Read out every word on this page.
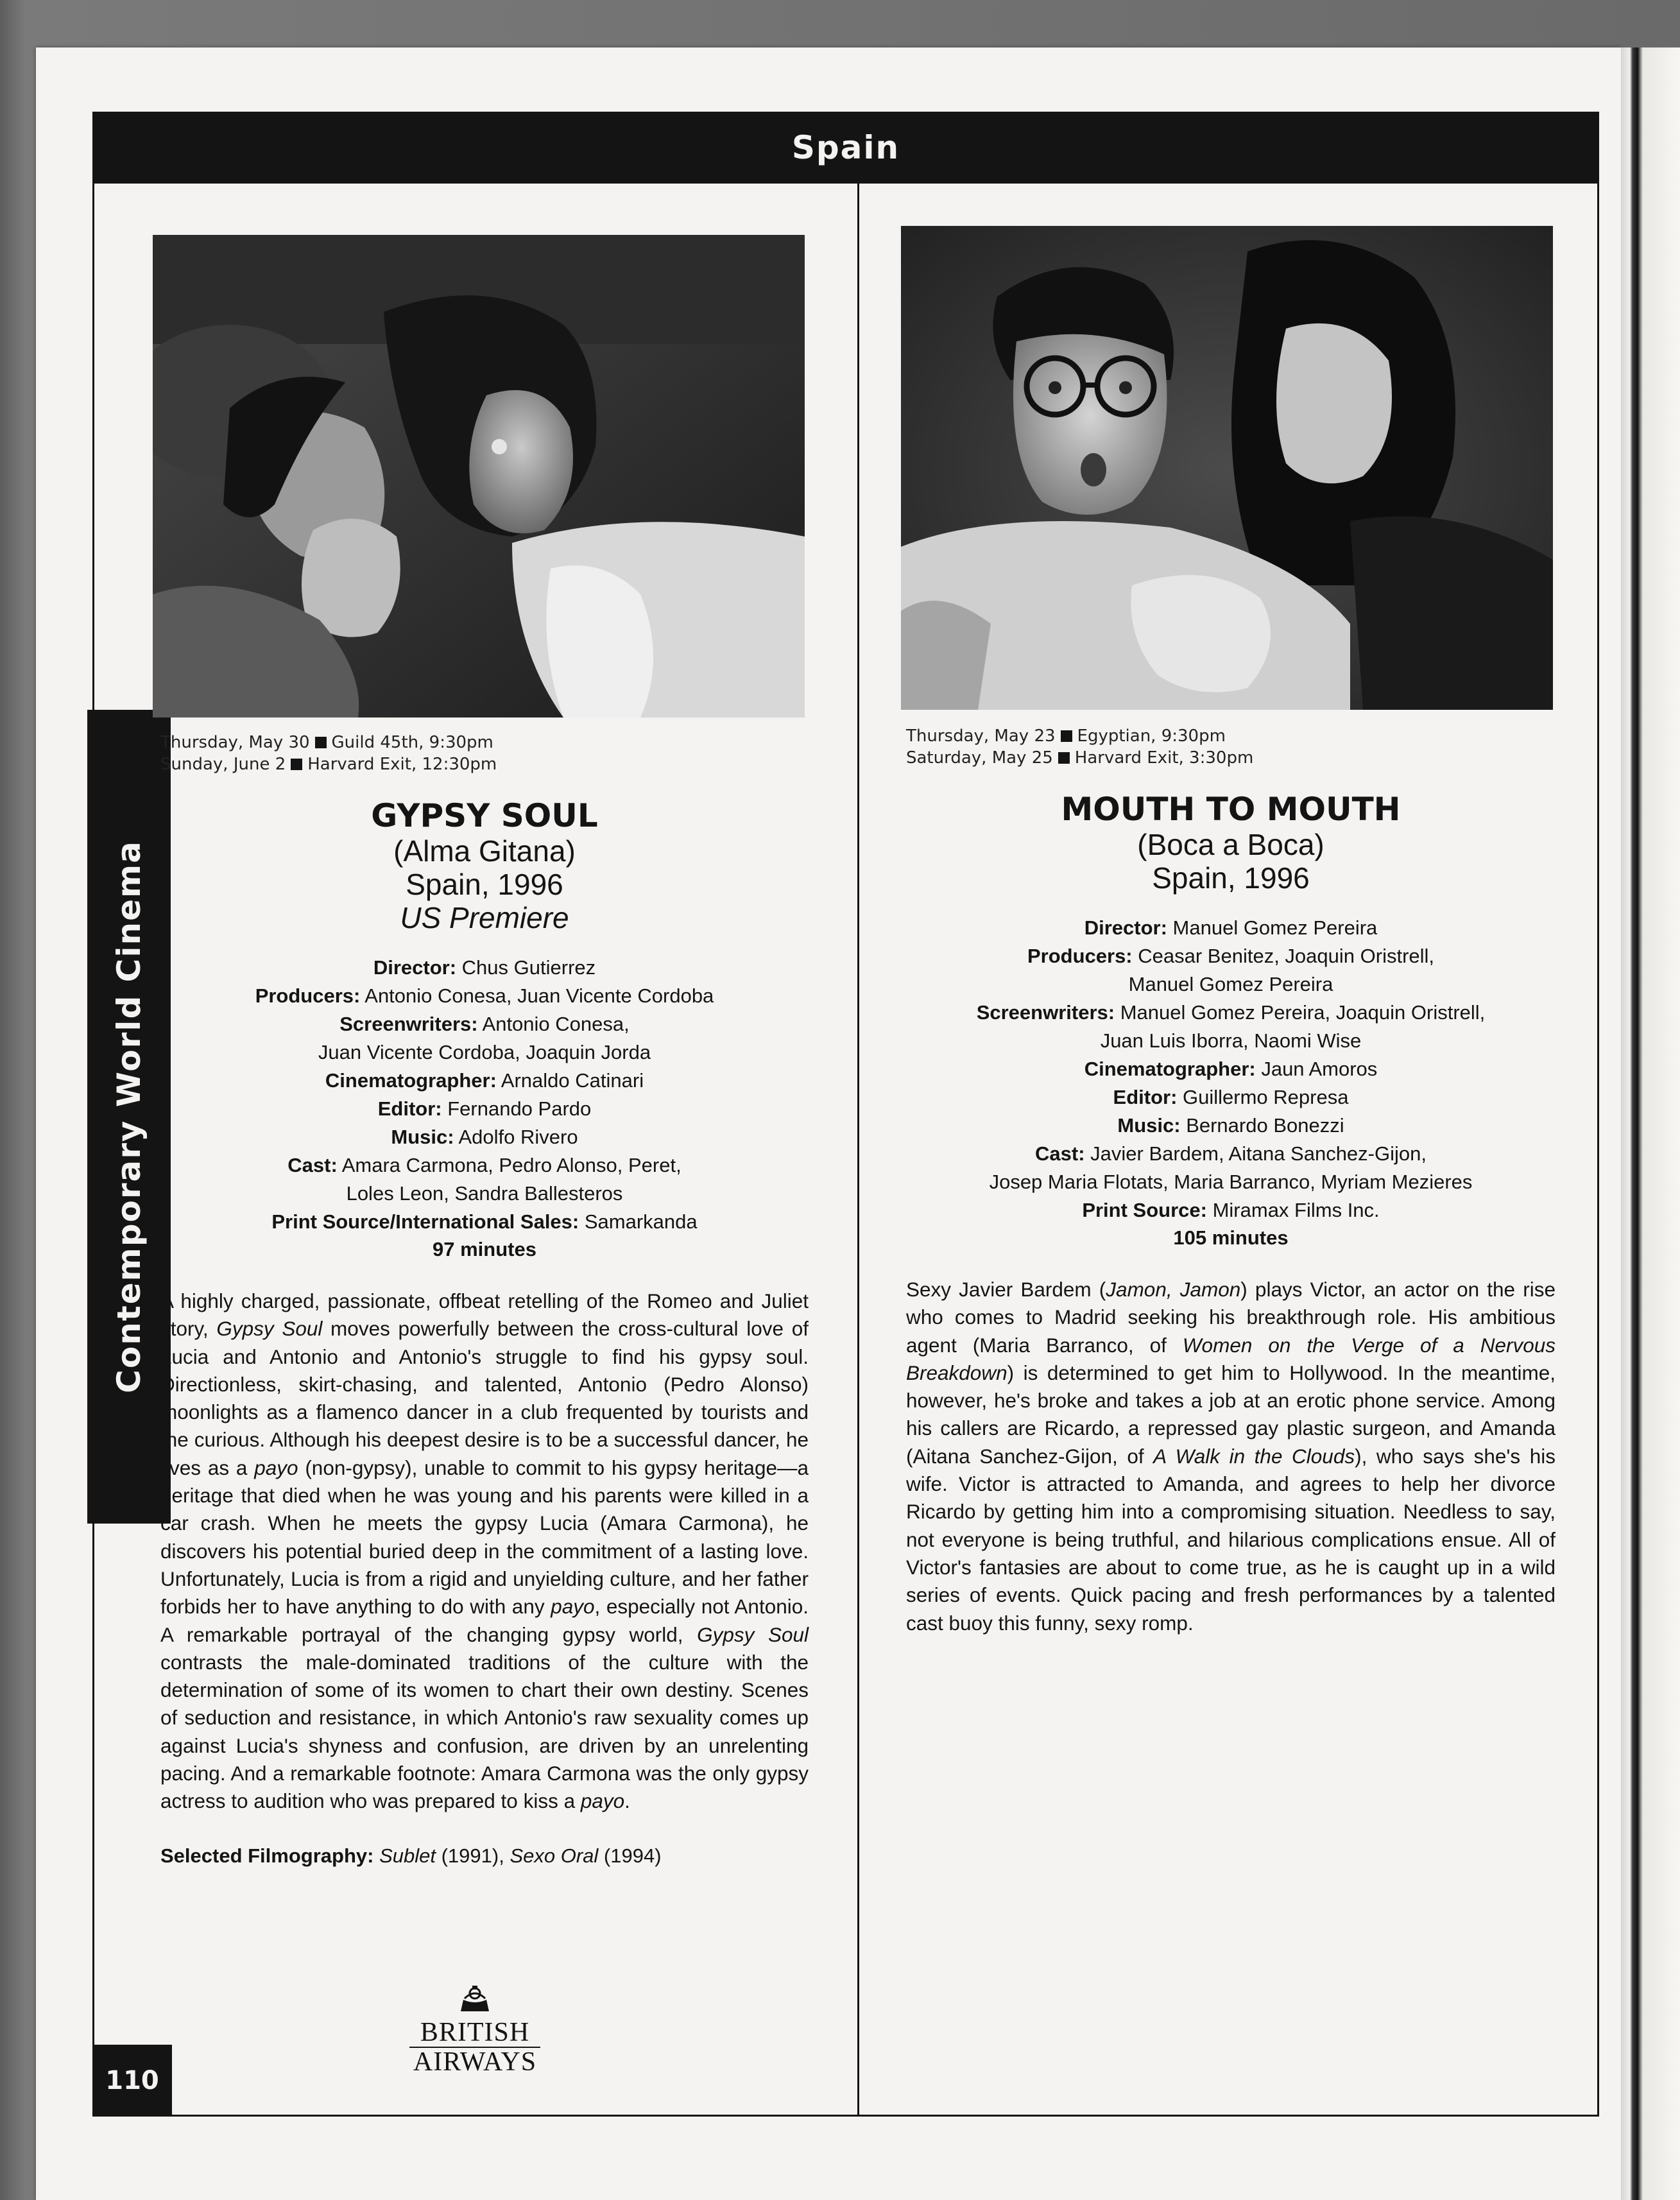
Spain
Contemporary World Cinema
110
Thursday, May 30 Guild 45th, 9:30pm
Sunday, June 2 Harvard Exit, 12:30pm
GYPSY SOUL
(Alma Gitana)
Spain, 1996
US Premiere
Director: Chus Gutierrez
Producers: Antonio Conesa, Juan Vicente Cordoba
Screenwriters: Antonio Conesa,
Juan Vicente Cordoba, Joaquin Jorda
Cinematographer: Arnaldo Catinari
Editor: Fernando Pardo
Music: Adolfo Rivero
Cast: Amara Carmona, Pedro Alonso, Peret,
Loles Leon, Sandra Ballesteros
Print Source/International Sales: Samarkanda
97 minutes
A highly charged, passionate, offbeat retelling of the Romeo and Juliet story, Gypsy Soul moves powerfully between the cross-cultural love of Lucia and Antonio and Antonio's struggle to find his gypsy soul. Directionless, skirt-chasing, and talented, Antonio (Pedro Alonso) moonlights as a flamenco dancer in a club frequented by tourists and the curious. Although his deepest desire is to be a successful dancer, he lives as a payo (non-gypsy), unable to commit to his gypsy heritage—a heritage that died when he was young and his parents were killed in a car crash. When he meets the gypsy Lucia (Amara Carmona), he discovers his potential buried deep in the commitment of a lasting love. Unfortunately, Lucia is from a rigid and unyielding culture, and her father forbids her to have anything to do with any payo, especially not Antonio. A remarkable portrayal of the changing gypsy world, Gypsy Soul contrasts the male-dominated traditions of the culture with the determination of some of its women to chart their own destiny. Scenes of seduction and resistance, in which Antonio's raw sexuality comes up against Lucia's shyness and confusion, are driven by an unrelenting pacing. And a remarkable footnote: Amara Carmona was the only gypsy actress to audition who was prepared to kiss a payo.
Selected Filmography: Sublet (1991), Sexo Oral (1994)
Thursday, May 23 Egyptian, 9:30pm
Saturday, May 25 Harvard Exit, 3:30pm
MOUTH TO MOUTH
(Boca a Boca)
Spain, 1996
Director: Manuel Gomez Pereira
Producers: Ceasar Benitez, Joaquin Oristrell,
Manuel Gomez Pereira
Screenwriters: Manuel Gomez Pereira, Joaquin Oristrell,
Juan Luis Iborra, Naomi Wise
Cinematographer: Jaun Amoros
Editor: Guillermo Represa
Music: Bernardo Bonezzi
Cast: Javier Bardem, Aitana Sanchez-Gijon,
Josep Maria Flotats, Maria Barranco, Myriam Mezieres
Print Source: Miramax Films Inc.
105 minutes
Sexy Javier Bardem (Jamon, Jamon) plays Victor, an actor on the rise who comes to Madrid seeking his breakthrough role. His ambitious agent (Maria Barranco, of Women on the Verge of a Nervous Breakdown) is determined to get him to Hollywood. In the meantime, however, he's broke and takes a job at an erotic phone service. Among his callers are Ricardo, a repressed gay plastic surgeon, and Amanda (Aitana Sanchez-Gijon, of A Walk in the Clouds), who says she's his wife. Victor is attracted to Amanda, and agrees to help her divorce Ricardo by getting him into a compromising situation. Needless to say, not everyone is being truthful, and hilarious complications ensue. All of Victor's fantasies are about to come true, as he is caught up in a wild series of events. Quick pacing and fresh performances by a talented cast buoy this funny, sexy romp.
BRITISH
AIRWAYS
